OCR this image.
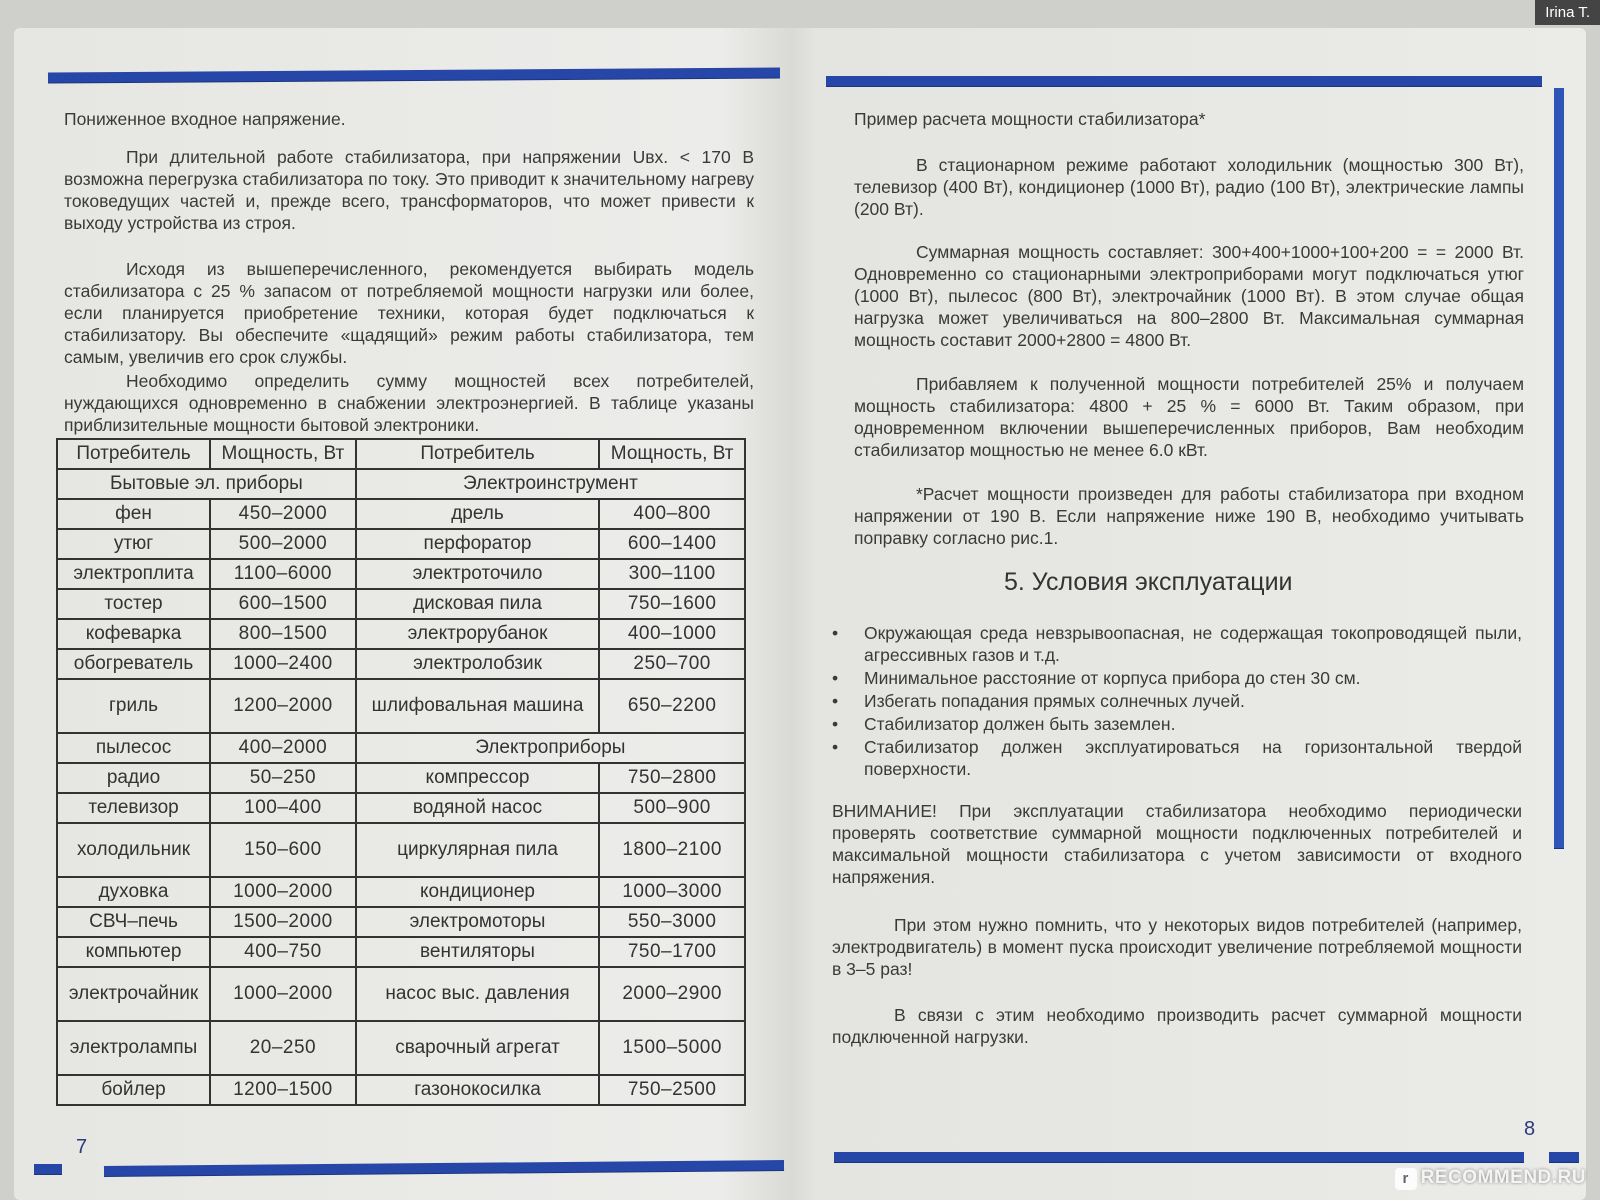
Пониженное входное напряжение.
При длительной работе стабилизатора, при напряжении Uвх. < 170 В возможна перегрузка стабилизатора по току. Это приводит к значительному нагреву токоведущих частей и, прежде всего, трансформаторов, что может привести к выходу устройства из строя.
Исходя из вышеперечисленного, рекомендуется выбирать модель стабилизатора с 25 % запасом от потребляемой мощности нагрузки или более, если планируется приобретение техники, которая будет подключаться к стабилизатору. Вы обеспечите «щадящий» режим работы стабилизатора, тем самым, увеличив его срок службы.
Необходимо определить сумму мощностей всех потребителей, нуждающихся одновременно в снабжении электроэнергией. В таблице указаны приблизительные мощности бытовой электроники.
Потребитель	Мощность, Вт	Потребитель	Мощность, Вт
Бытовые эл. приборы		Электроинструмент	
фен	450–2000	дрель	400–800
утюг	500–2000	перфоратор	600–1400
электроплита	1100–6000	электроточило	300–1100
тостер	600–1500	дисковая пила	750–1600
кофеварка	800–1500	электрорубанок	400–1000
обогреватель	1000–2400	электролобзик	250–700
гриль	1200–2000	шлифовальная машина	650–2200
пылесос	400–2000	Электроприборы	
радио	50–250	компрессор	750–2800
телевизор	100–400	водяной насос	500–900
холодильник	150–600	циркулярная пила	1800–2100
духовка	1000–2000	кондиционер	1000–3000
СВЧ–печь	1500–2000	электромоторы	550–3000
компьютер	400–750	вентиляторы	750–1700
электрочайник	1000–2000	насос выс. давления	2000–2900
электролампы	20–250	сварочный агрегат	1500–5000
бойлер	1200–1500	газонокосилка	750–2500
7
Пример расчета мощности стабилизатора*
В стационарном режиме работают холодильник (мощностью 300 Вт), телевизор (400 Вт), кондиционер (1000 Вт), радио (100 Вт), электрические лампы (200 Вт).
Суммарная мощность составляет: 300+400+1000+100+200 = = 2000 Вт. Одновременно со стационарными электроприборами могут подключаться утюг (1000 Вт), пылесос (800 Вт), электрочайник (1000 Вт). В этом случае общая нагрузка может увеличиваться на 800–2800 Вт. Максимальная суммарная мощность составит 2000+2800 = 4800 Вт.
Прибавляем к полученной мощности потребителей 25% и получаем мощность стабилизатора: 4800 + 25 % = 6000 Вт. Таким образом, при одновременном включении вышеперечисленных приборов, Вам необходим стабилизатор мощностью не менее 6.0 кВт.
*Расчет мощности произведен для работы стабилизатора при входном напряжении от 190 В. Если напряжение ниже 190 В, необходимо учитывать поправку согласно рис.1.
5. Условия эксплуатации
• Окружающая среда невзрывоопасная, не содержащая токопроводящей пыли, агрессивных газов и т.д.
• Минимальное расстояние от корпуса прибора до стен 30 см.
• Избегать попадания прямых солнечных лучей.
• Стабилизатор должен быть заземлен.
• Стабилизатор должен эксплуатироваться на горизонтальной твердой поверхности.
ВНИМАНИЕ! При эксплуатации стабилизатора необходимо периодически проверять соответствие суммарной мощности подключенных потребителей и максимальной мощности стабилизатора с учетом зависимости от входного напряжения.
При этом нужно помнить, что у некоторых видов потребителей (например, электродвигатель) в момент пуска происходит увеличение потребляемой мощности в 3–5 раз!
В связи с этим необходимо производить расчет суммарной мощности подключенной нагрузки.
8
Irina T.
r RECOMMEND.RU
